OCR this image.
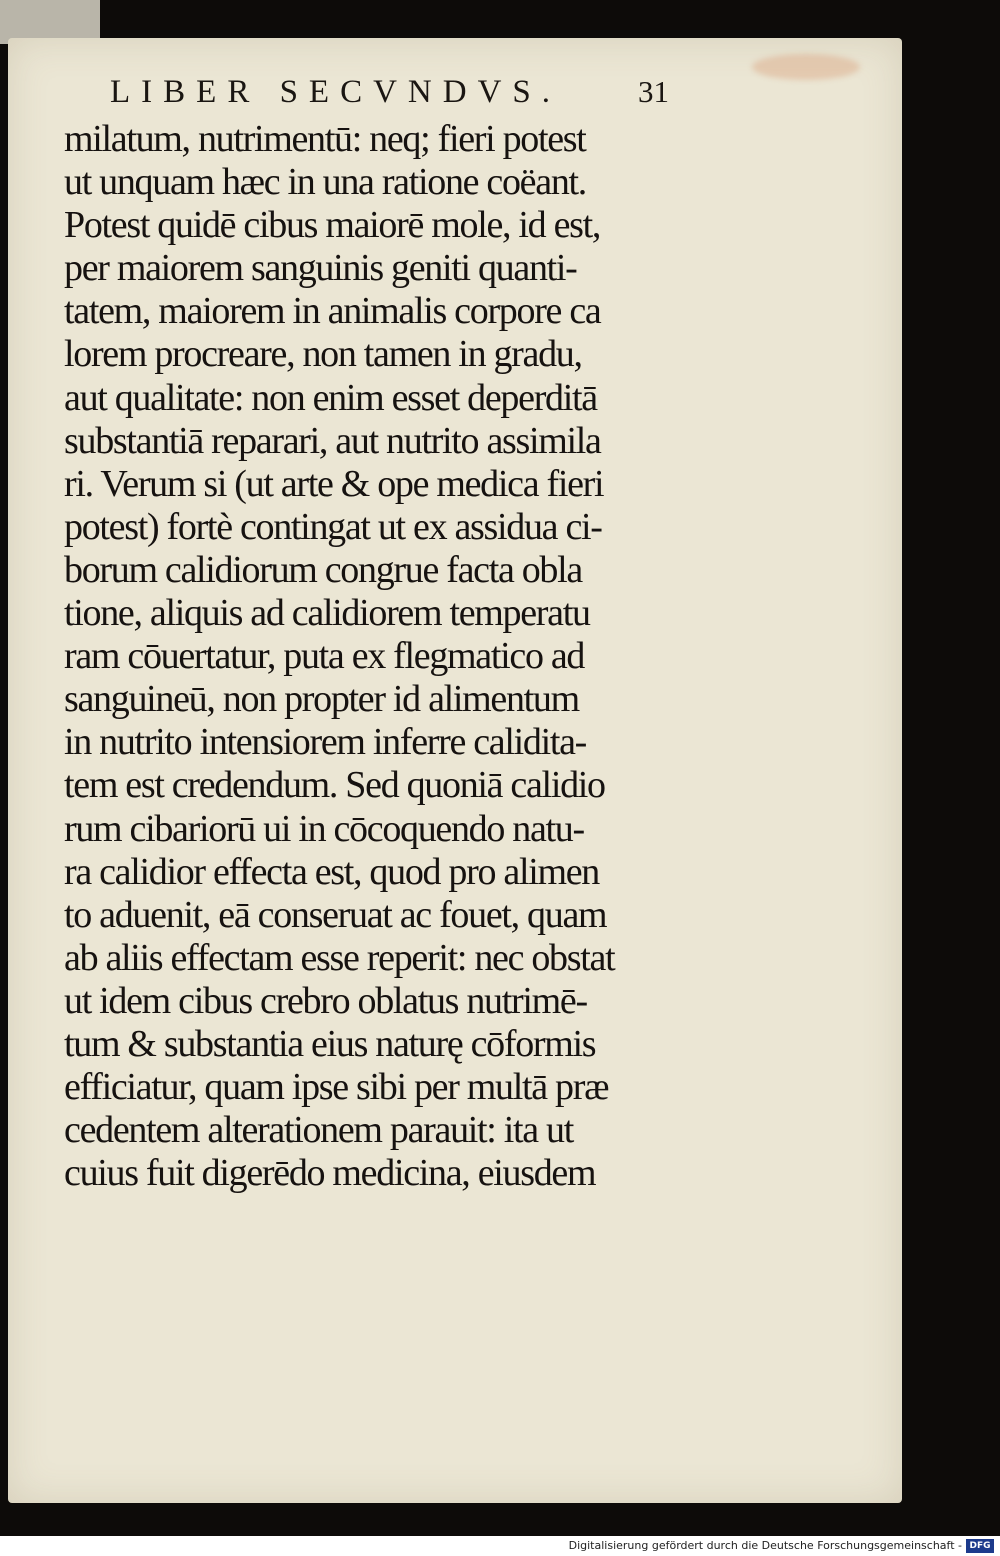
LIBER SECVNDVS. 31
milatum, nutrimentū: neq; fieri potest
ut unquam hæc in una ratione coëant.
Potest quidē cibus maiorē mole, id est,
per maiorem sanguinis geniti quanti-
tatem, maiorem in animalis corpore ca
lorem procreare, non tamen in gradu,
aut qualitate: non enim esset deperditā
substantiā reparari, aut nutrito assimila
ri. Verum si (ut arte & ope medica fieri
potest) fortè contingat ut ex assidua ci-
borum calidiorum congrue facta obla
tione, aliquis ad calidiorem temperatu
ram cōuertatur, puta ex flegmatico ad
sanguineū, non propter id alimentum
in nutrito intensiorem inferre calidita-
tem est credendum. Sed quoniā calidio
rum cibariorū ui in cōcoquendo natu-
ra calidior effecta est, quod pro alimen
to aduenit, eā conseruat ac fouet, quam
ab aliis effectam esse reperit: nec obstat
ut idem cibus crebro oblatus nutrimē-
tum & substantia eius naturę cōformis
efficiatur, quam ipse sibi per multā præ
cedentem alterationem parauit: ita ut
cuius fuit digerēdo medicina, eiusdem
Digitalisierung gefördert durch die Deutsche Forschungsgemeinschaft - DFG
